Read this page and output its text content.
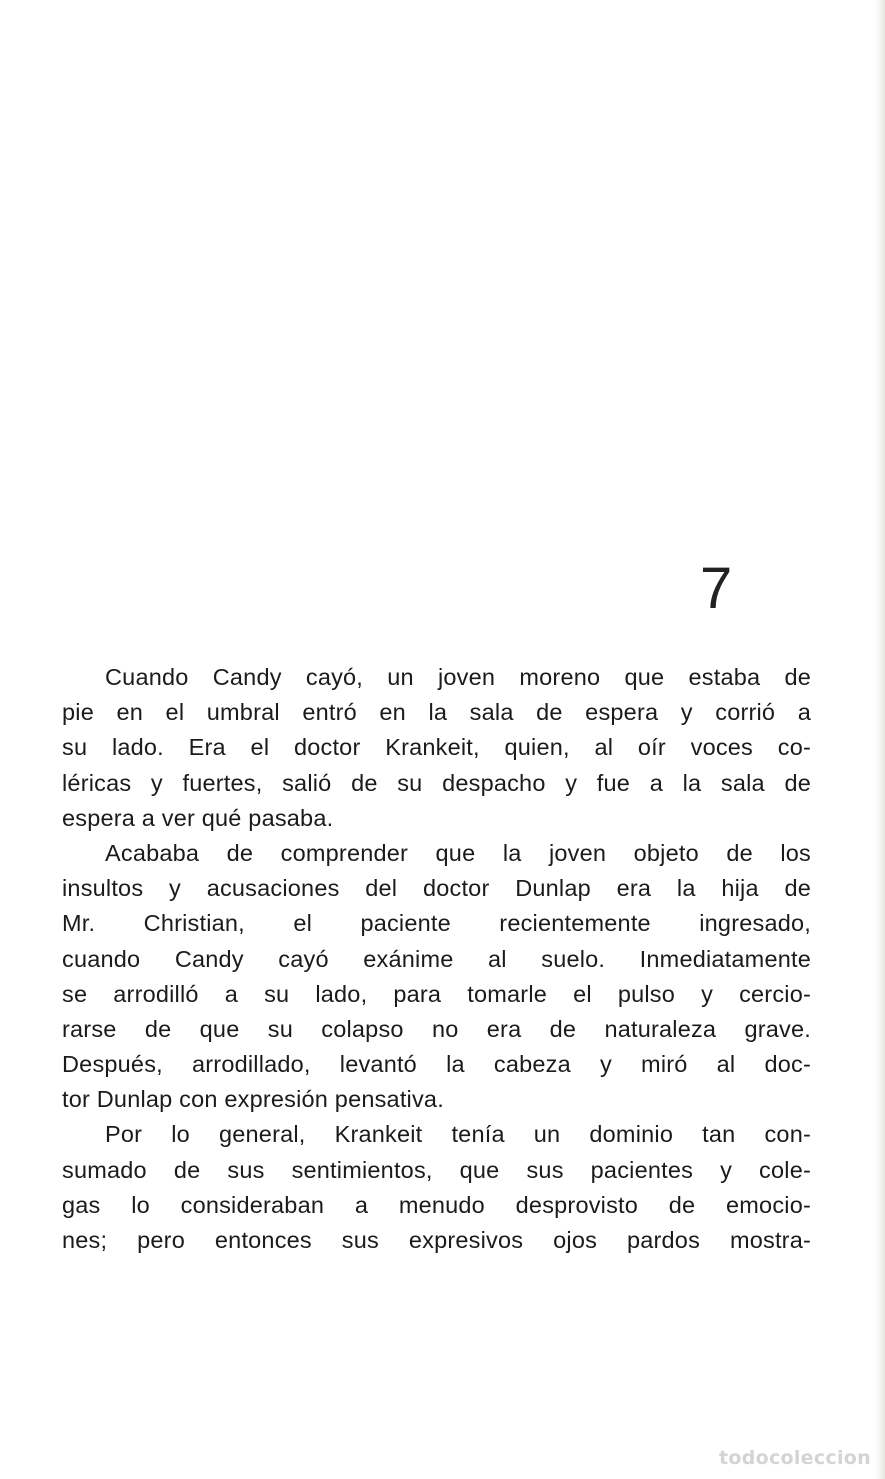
7
Cuando Candy cayó, un joven moreno que estaba de
pie en el umbral entró en la sala de espera y corrió a
su lado. Era el doctor Krankeit, quien, al oír voces co-
léricas y fuertes, salió de su despacho y fue a la sala de
espera a ver qué pasaba.
Acababa de comprender que la joven objeto de los
insultos y acusaciones del doctor Dunlap era la hija de
Mr. Christian, el paciente recientemente ingresado,
cuando Candy cayó exánime al suelo. Inmediatamente
se arrodilló a su lado, para tomarle el pulso y cercio-
rarse de que su colapso no era de naturaleza grave.
Después, arrodillado, levantó la cabeza y miró al doc-
tor Dunlap con expresión pensativa.
Por lo general, Krankeit tenía un dominio tan con-
sumado de sus sentimientos, que sus pacientes y cole-
gas lo consideraban a menudo desprovisto de emocio-
nes; pero entonces sus expresivos ojos pardos mostra-
todocoleccion
